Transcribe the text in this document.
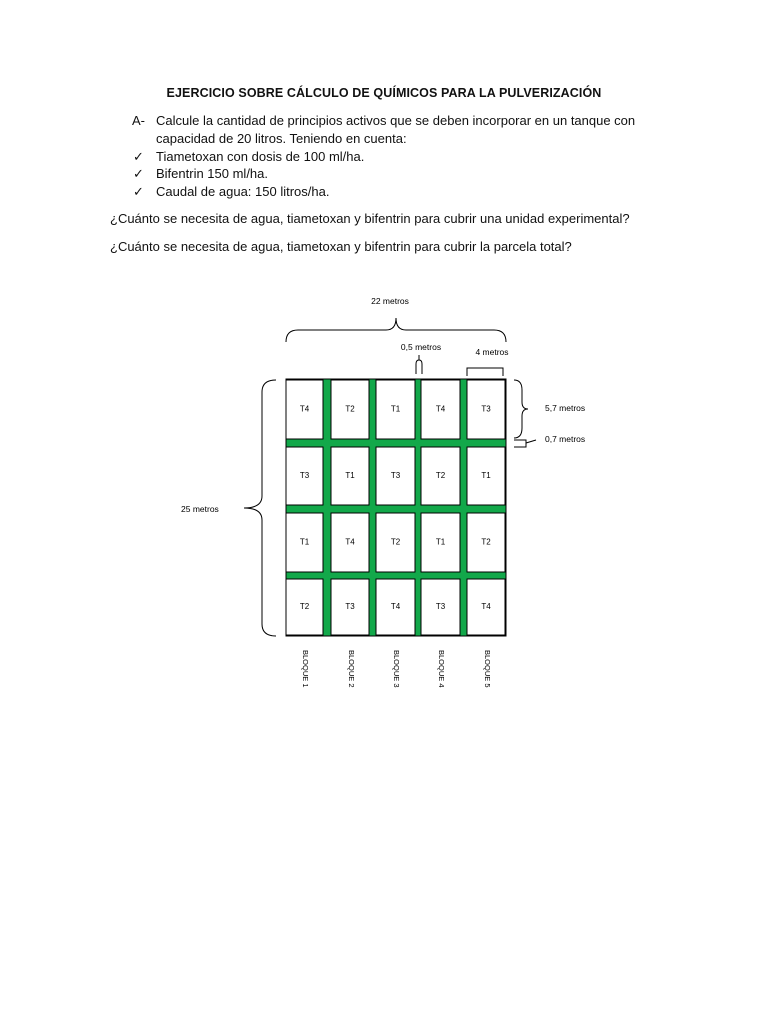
EJERCICIO SOBRE CÁLCULO DE QUÍMICOS PARA LA PULVERIZACIÓN
A- Calcule la cantidad de principios activos que se deben incorporar en un tanque con
capacidad de 20 litros. Teniendo en cuenta:
✓ Tiametoxan con dosis de 100 ml/ha.
✓ Bifentrin 150 ml/ha.
✓ Caudal de agua: 150 litros/ha.
¿Cuánto se necesita de agua, tiametoxan y bifentrin para cubrir una unidad experimental?
¿Cuánto se necesita de agua, tiametoxan y bifentrin para cubrir la parcela total?
T4	T2	T1	T4	T3
T3	T1	T3	T2	T1
T1	T4	T2	T1	T2
T2	T3	T4	T3	T4
22 metros
0,5 metros	4 metros
5,7 metros
0,7 metros
25 metros
BLOQUE 1	BLOQUE 2	BLOQUE 3	BLOQUE 4	BLOQUE 5
